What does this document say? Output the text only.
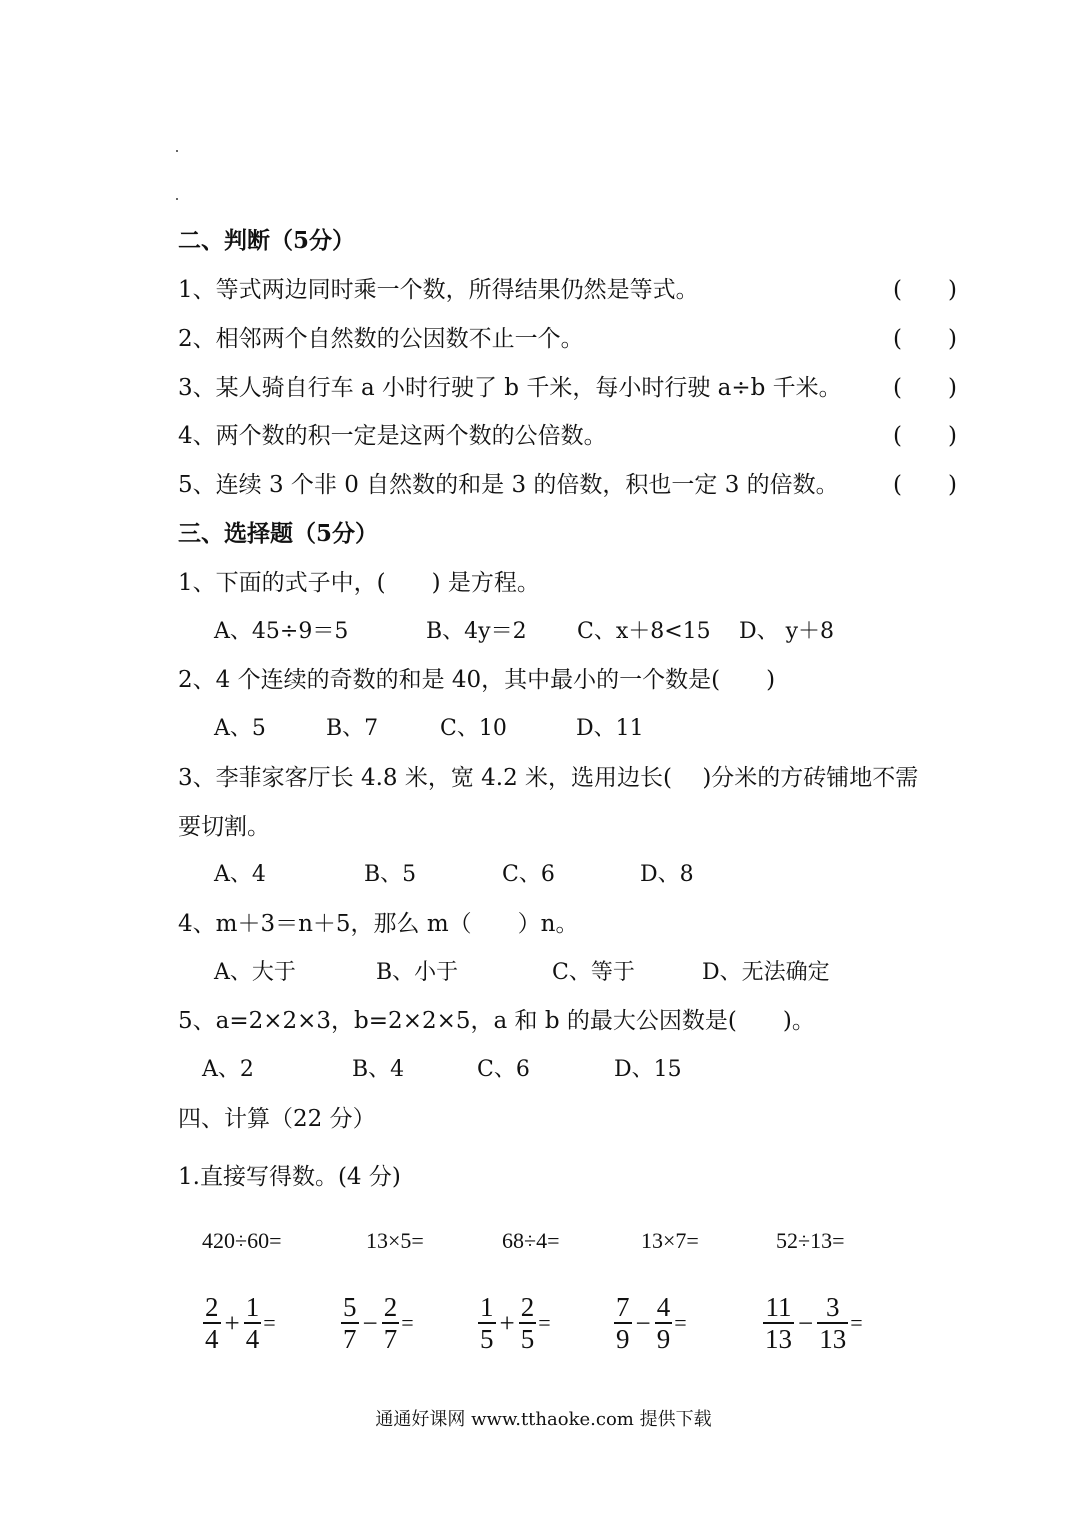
二、判断（5分）
1、等式两边同时乘一个数，所得结果仍然是等式。	(　　)
2、相邻两个自然数的公因数不止一个。	(　　)
3、某人骑自行车 a 小时行驶了 b 千米，每小时行驶 a÷b 千米。 (　　)
4、两个数的积一定是这两个数的公倍数。	(　　)
5、连续 3 个非 0 自然数的和是 3 的倍数，积也一定 3 的倍数。 (　　)
三、选择题（5分）
1、下面的式子中，(　　) 是方程。
A、45÷9＝5	B、4y＝2 C、x＋8<15 D、 y＋8
2、4 个连续的奇数的和是 40，其中最小的一个数是(　　)
A、5	B、7	C、10	D、11
3、李菲家客厅长 4.8 米，宽 4.2 米，选用边长(　 )分米的方砖铺地不需
要切割。
A、4	B、5	C、6	D、8
4、m＋3＝n＋5，那么 m（　　）n。
A、大于	B、小于	C、等于	D、无法确定
5、a=2×2×3，b=2×2×5，a 和 b 的最大公因数是(　　)。
A、2	B、4	C、6	D、15
四、计算（22 分）
1.直接写得数。(4 分)
420÷60=	13×5=	68÷4=	13×7=	52÷13=
$\frac{2}{4} + \frac{1}{4} = \frac{5}{7} - \frac{2}{7} = \frac{1}{5} + \frac{2}{5} = \frac{7}{9} - \frac{4}{9}$ =	$\frac{11}{13} - \frac{3}{13}$ =
通通好课网 www.tthaoke.com 提供下载
